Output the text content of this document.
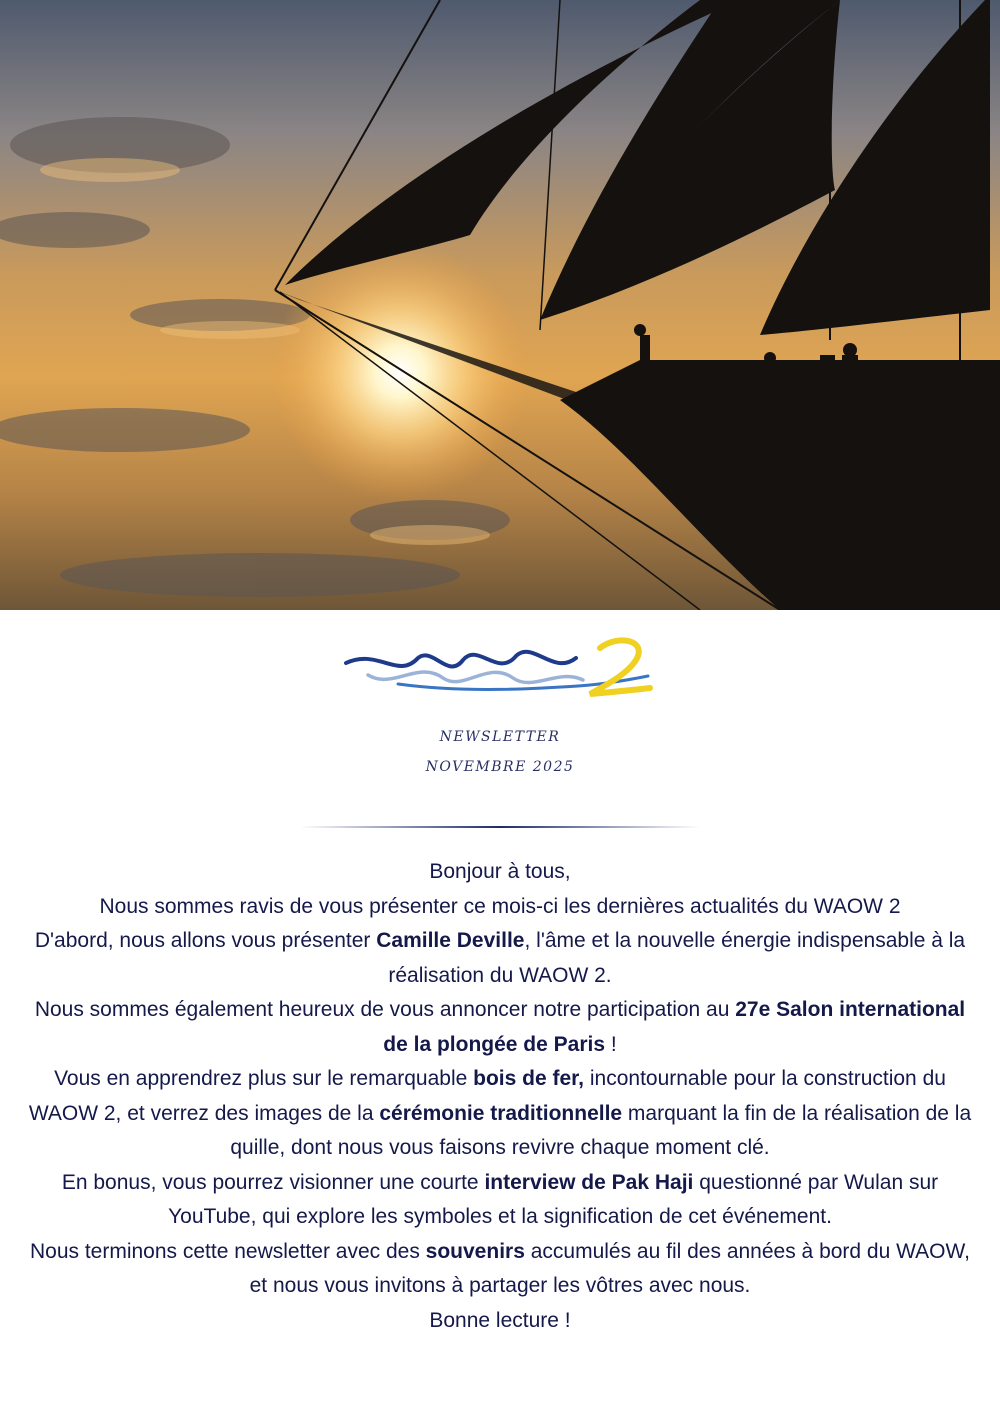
NEWSLETTER
NOVEMBRE 2025

Bonjour à tous,

Nous sommes ravis de vous présenter ce mois-ci les dernières actualités du WAOW 2

D'abord, nous allons vous présenter Camille Deville, l'âme et la nouvelle énergie indispensable à la réalisation du WAOW 2.

Nous sommes également heureux de vous annoncer notre participation au 27e Salon international de la plongée de Paris !

Vous en apprendrez plus sur le remarquable bois de fer, incontournable pour la construction du WAOW 2, et verrez des images de la cérémonie traditionnelle marquant la fin de la réalisation de la quille, dont nous vous faisons revivre chaque moment clé.

En bonus, vous pourrez visionner une courte interview de Pak Haji questionné par Wulan sur YouTube, qui explore les symboles et la signification de cet événement.

Nous terminons cette newsletter avec des souvenirs accumulés au fil des années à bord du WAOW, et nous vous invitons à partager les vôtres avec nous.

Bonne lecture !
